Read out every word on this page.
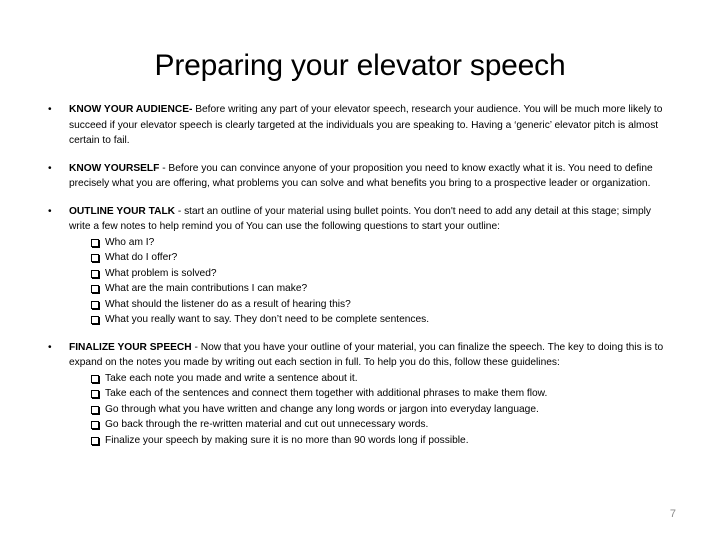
Preparing your elevator speech
• KNOW YOUR AUDIENCE- Before writing any part of your elevator speech, research your audience. You will be much more likely to succeed if your elevator speech is clearly targeted at the individuals you are speaking to. Having a ‘generic’ elevator pitch is almost certain to fail.
• KNOW YOURSELF - Before you can convince anyone of your proposition you need to know exactly what it is. You need to define precisely what you are offering, what problems you can solve and what benefits you bring to a prospective leader or organization.
• OUTLINE YOUR TALK - start an outline of your material using bullet points. You don't need to add any detail at this stage; simply write a few notes to help remind you of You can use the following questions to start your outline:
Who am I?
What do I offer?
What problem is solved?
What are the main contributions I can make?
What should the listener do as a result of hearing this?
What you really want to say. They don’t need to be complete sentences.
• FINALIZE YOUR SPEECH - Now that you have your outline of your material, you can finalize the speech. The key to doing this is to expand on the notes you made by writing out each section in full. To help you do this, follow these guidelines:
Take each note you made and write a sentence about it.
Take each of the sentences and connect them together with additional phrases to make them flow.
Go through what you have written and change any long words or jargon into everyday language.
Go back through the re-written material and cut out unnecessary words.
Finalize your speech by making sure it is no more than 90 words long if possible.
7
